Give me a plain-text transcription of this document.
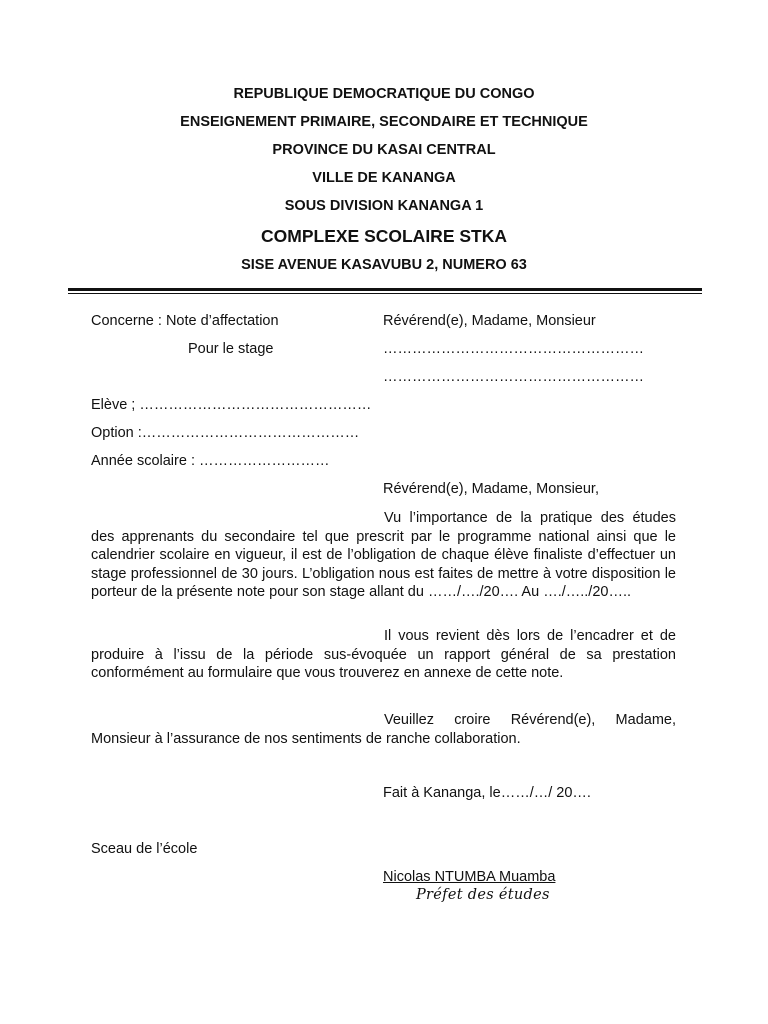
REPUBLIQUE DEMOCRATIQUE DU CONGO
ENSEIGNEMENT PRIMAIRE, SECONDAIRE ET TECHNIQUE
PROVINCE DU KASAI CENTRAL
VILLE DE KANANGA
SOUS DIVISION KANANGA 1
COMPLEXE SCOLAIRE STKA
SISE AVENUE KASAVUBU 2, NUMERO 63
Concerne : Note d’affectation
Pour le stage
Révérend(e), Madame, Monsieur
………………………………………………
………………………………………………
Elève ; …………………………………………
Option :………………………………………
Année scolaire : ………………………
Révérend(e), Madame, Monsieur,

Vu l’importance de la pratique des études des apprenants du secondaire tel que prescrit par le programme national ainsi que le calendrier scolaire en vigueur, il est de l’obligation de chaque élève finaliste d’effectuer un stage professionnel de 30 jours. L’obligation nous est faites de mettre à votre disposition le porteur de la présente note pour son stage allant du ……/…./20…. Au …./…../20…..

Il vous revient dès lors de l’encadrer et de produire à l’issu de la période sus-évoquée un rapport général de sa prestation conformément au formulaire que vous trouverez en annexe de cette note.

Veuillez croire Révérend(e), Madame, Monsieur à l’assurance de nos sentiments de ranche collaboration.

Fait à Kananga, le……/…/ 20….
Sceau de l’école
Nicolas NTUMBA Muamba
Préfet des études
